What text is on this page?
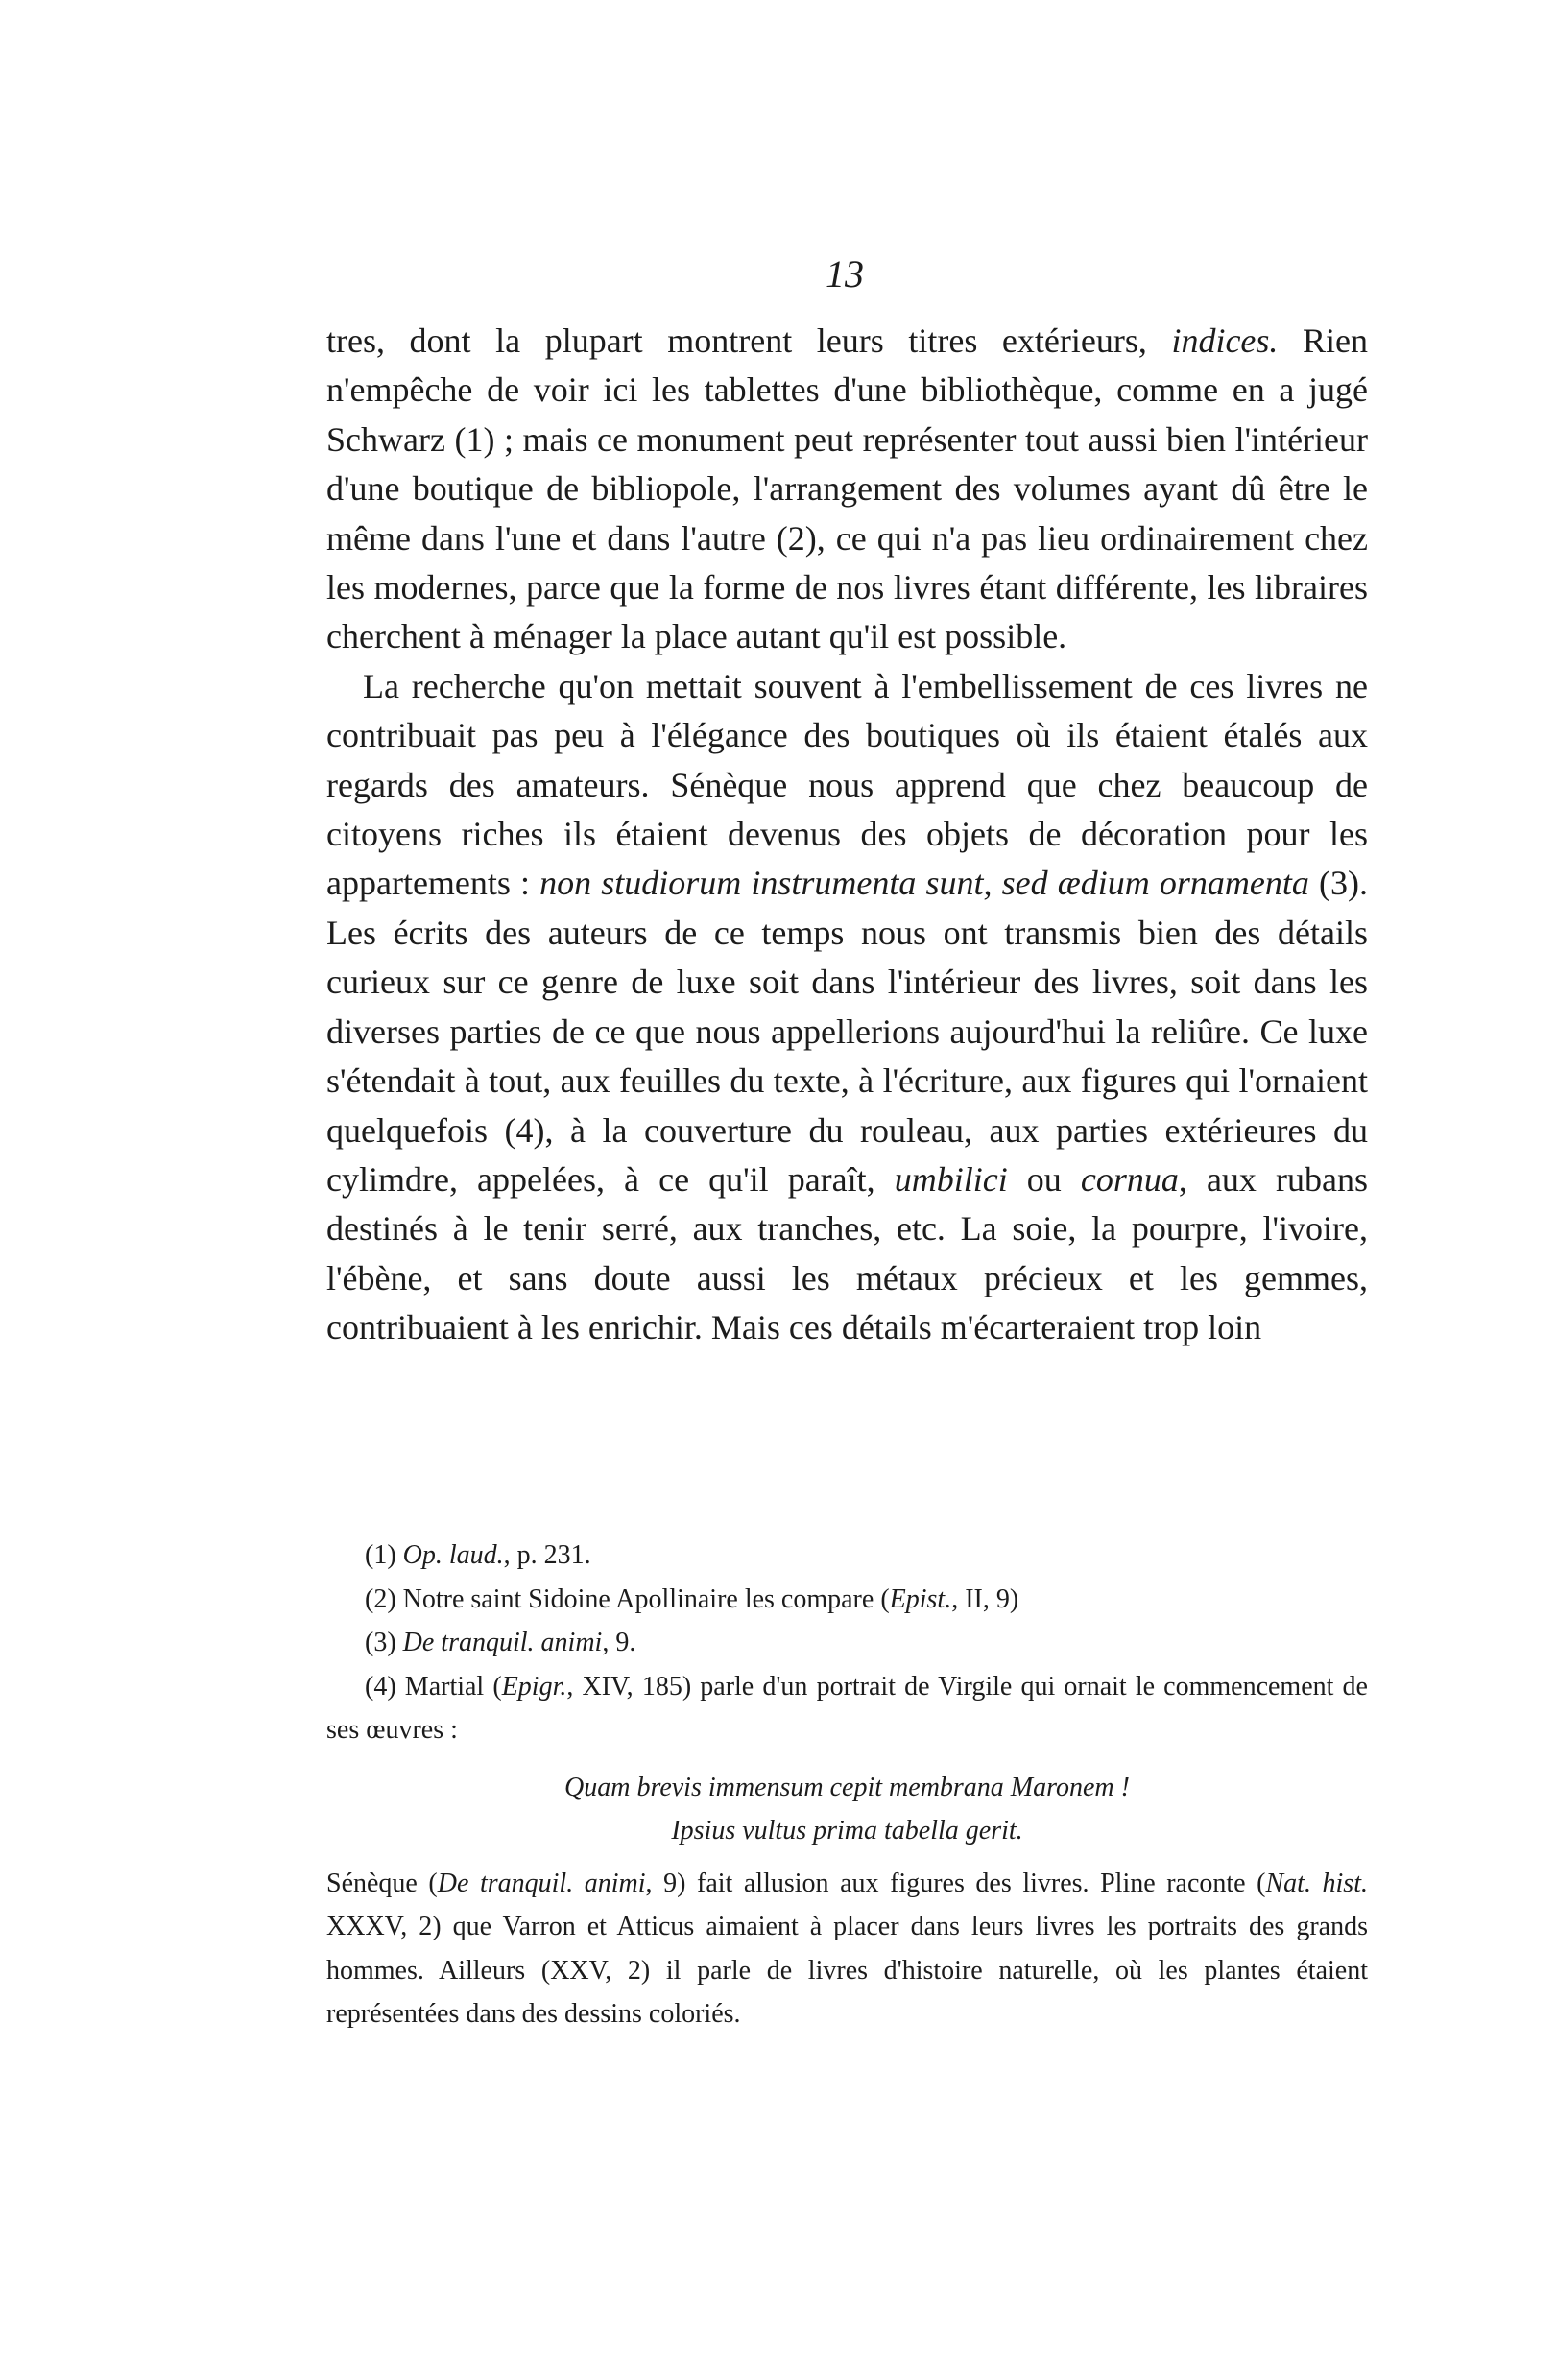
13

tres, dont la plupart montrent leurs titres extérieurs, indices. Rien n'empêche de voir ici les tablettes d'une bibliothèque, comme en a jugé Schwarz (1) ; mais ce monument peut représenter tout aussi bien l'intérieur d'une boutique de bibliopole, l'arrangement des volumes ayant dû être le même dans l'une et dans l'autre (2), ce qui n'a pas lieu ordinairement chez les modernes, parce que la forme de nos livres étant différente, les libraires cherchent à ménager la place autant qu'il est possible.

La recherche qu'on mettait souvent à l'embellissement de ces livres ne contribuait pas peu à l'élégance des boutiques où ils étaient étalés aux regards des amateurs. Sénèque nous apprend que chez beaucoup de citoyens riches ils étaient devenus des objets de décoration pour les appartements : non studiorum instrumenta sunt, sed ædium ornamenta (3). Les écrits des auteurs de ce temps nous ont transmis bien des détails curieux sur ce genre de luxe soit dans l'intérieur des livres, soit dans les diverses parties de ce que nous appellerions aujourd'hui la reliûre. Ce luxe s'étendait à tout, aux feuilles du texte, à l'écriture, aux figures qui l'ornaient quelquefois (4), à la couverture du rouleau, aux parties extérieures du cylimdre, appelées, à ce qu'il paraît, umbilici ou cornua, aux rubans destinés à le tenir serré, aux tranches, etc. La soie, la pourpre, l'ivoire, l'ébène, et sans doute aussi les métaux précieux et les gemmes, contribuaient à les enrichir. Mais ces détails m'écarteraient trop loin

(1) Op. laud., p. 231.

(2) Notre saint Sidoine Apollinaire les compare (Epist., II, 9)

(3) De tranquil. animi, 9.

(4) Martial (Epigr., XIV, 185) parle d'un portrait de Virgile qui ornait le commencement de ses œuvres :

Quam brevis immensum cepit membrana Maronem !
Ipsius vultus prima tabella gerit.

Sénèque (De tranquil. animi, 9) fait allusion aux figures des livres. Pline raconte (Nat. hist. XXXV, 2) que Varron et Atticus aimaient à placer dans leurs livres les portraits des grands hommes. Ailleurs (XXV, 2) il parle de livres d'histoire naturelle, où les plantes étaient représentées dans des dessins coloriés.
